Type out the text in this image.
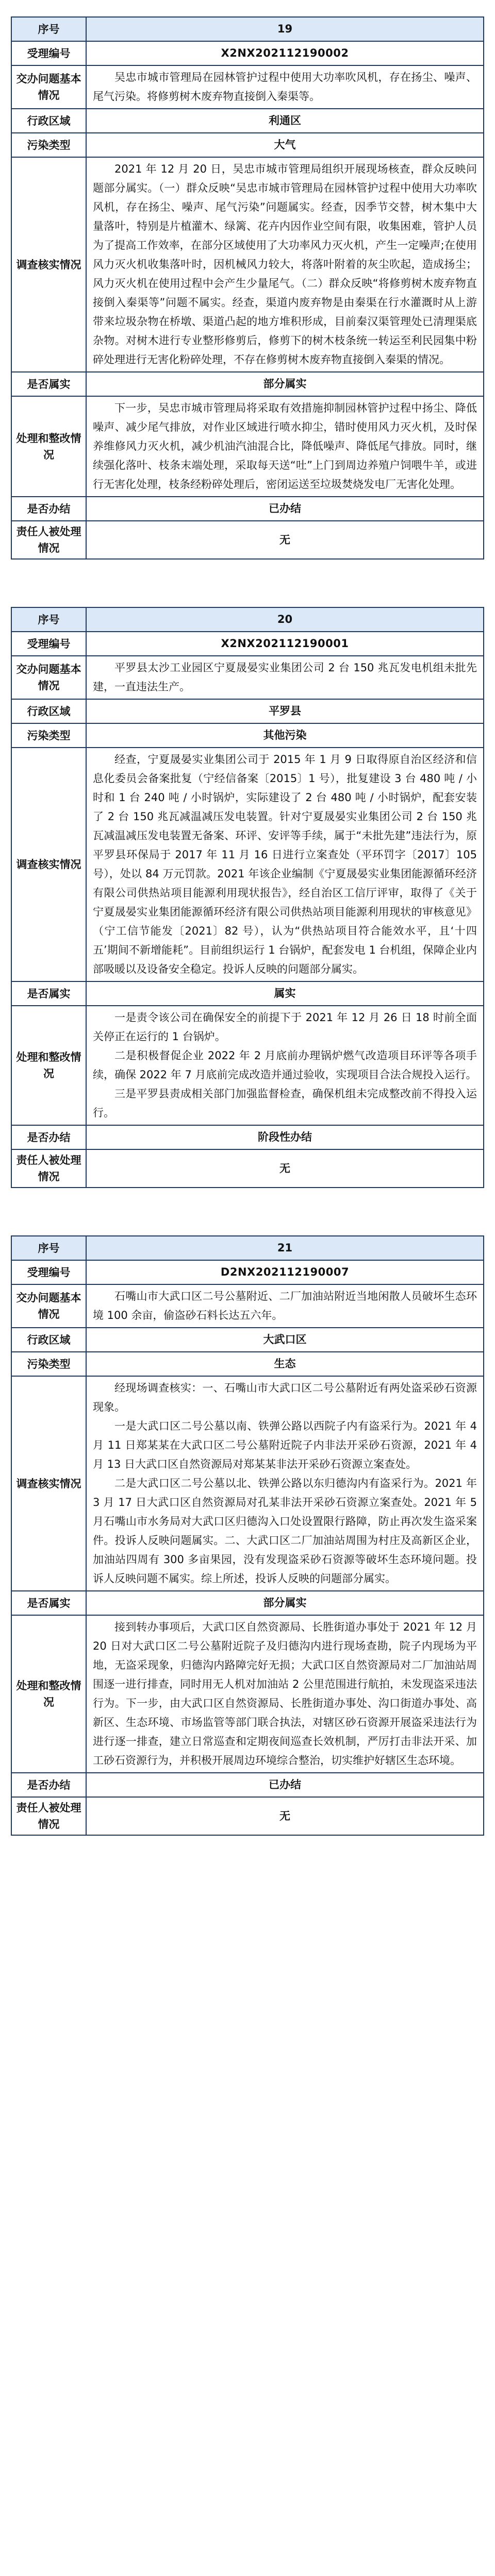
序号	19
受理编号	X2NX202112190002
交办问题基本情况	吴忠市城市管理局在园林管护过程中使用大功率吹风机，存在扬尘、噪声、尾气污染。将修剪树木废弃物直接倒入秦渠等。

行政区域	利通区
污染类型	大气
调查核实情况	2021 年 12 月 20 日，吴忠市城市管理局组织开展现场核查，群众反映问题部分属实。（一）群众反映“吴忠市城市管理局在园林管护过程中使用大功率吹风机，存在扬尘、噪声、尾气污染”问题属实。经查，因季节交替，树木集中大量落叶，特别是片植灌木、绿篱、花卉内因作业空间有限，收集困难，管护人员为了提高工作效率，在部分区域使用了大功率风力灭火机，产生一定噪声;在使用风力灭火机收集落叶时，因机械风力较大，将落叶附着的灰尘吹起，造成扬尘；风力灭火机在使用过程中会产生少量尾气。（二）群众反映“将修剪树木废弃物直接倒入秦渠等”问题不属实。经查，渠道内废弃物是由秦渠在行水灌溉时从上游带来垃圾杂物在桥墩、渠道凸起的地方堆积形成，目前秦汉渠管理处已清理渠底杂物。对树木进行专业整形修剪后，修剪下的树木枝条统一转运至利民园集中粉碎处理进行无害化粉碎处理，不存在修剪树木废弃物直接倒入秦渠的情况。

是否属实	部分属实
处理和整改情况	下一步，吴忠市城市管理局将采取有效措施抑制园林管护过程中扬尘、降低噪声、减少尾气排放，对作业区域进行喷水抑尘，错时使用风力灭火机，及时保养维修风力灭火机，减少机油汽油混合比，降低噪声、降低尾气排放。同时，继续强化落叶、枝条末端处理，采取每天送“吐”上门到周边养殖户饲喂牛羊，或进行无害化处理，枝条经粉碎处理后，密闭运送至垃圾焚烧发电厂无害化处理。

是否办结	已办结
责任人被处理情况	无
序号	20
受理编号	X2NX202112190001
交办问题基本情况	平罗县太沙工业园区宁夏晟晏实业集团公司 2 台 150 兆瓦发电机组未批先建，一直违法生产。

行政区域	平罗县
污染类型	其他污染
调查核实情况	经查，宁夏晟晏实业集团公司于 2015 年 1 月 9 日取得原自治区经济和信息化委员会备案批复（宁经信备案〔2015〕1 号），批复建设 3 台 480 吨 / 小时和 1 台 240 吨 / 小时锅炉，实际建设了 2 台 480 吨 / 小时锅炉，配套安装了 2 台 150 兆瓦减温减压发电装置。针对宁夏晟晏实业集团公司 2 台 150 兆瓦减温减压发电装置无备案、环评、安评等手续，属于“未批先建”违法行为，原平罗县环保局于 2017 年 11 月 16 日进行立案查处（平环罚字〔2017〕105 号），处以 84 万元罚款。2021 年该企业编制《宁夏晟晏实业集团能源循环经济有限公司供热站项目能源利用现状报告》，经自治区工信厅评审，取得了《关于宁夏晟晏实业集团能源循环经济有限公司供热站项目能源利用现状的审核意见》（宁工信节能发〔2021〕82 号），认为“供热站项目符合能效水平，且‘十四五’期间不新增能耗”。目前组织运行 1 台锅炉，配套发电 1 台机组，保障企业内部吸暖以及设备安全稳定。投诉人反映的问题部分属实。

是否属实	属实
处理和整改情况	一是责令该公司在确保安全的前提下于 2021 年 12 月 26 日 18 时前全面关停正在运行的 1 台锅炉。

二是积极督促企业 2022 年 2 月底前办理锅炉燃气改造项目环评等各项手续，确保 2022 年 7 月底前完成改造并通过验收，实现项目合法合规投入运行。

三是平罗县责成相关部门加强监督检查，确保机组未完成整改前不得投入运行。

是否办结	阶段性办结
责任人被处理情况	无
序号	21
受理编号	D2NX202112190007
交办问题基本情况	石嘴山市大武口区二号公墓附近、二厂加油站附近当地闲散人员破坏生态环境 100 余亩，偷盗砂石料长达五六年。

行政区域	大武口区
污染类型	生态
调查核实情况	经现场调查核实：一、石嘴山市大武口区二号公墓附近有两处盗采砂石资源现象。

一是大武口区二号公墓以南、铁弹公路以西院子内有盗采行为。2021 年 4 月 11 日郑某某在大武口区二号公墓附近院子内非法开采砂石资源，2021 年 4 月 13 日大武口区自然资源局对郑某某非法开采砂石资源立案查处。

二是大武口区二号公墓以北、铁弹公路以东归德沟内有盗采行为。2021 年 3 月 17 日大武口区自然资源局对孔某非法开采砂石资源立案查处。2021 年 5 月石嘴山市水务局对大武口区归德沟入口处设置限行路障，防止再次发生盗采案件。投诉人反映问题属实。二、大武口区二厂加油站周围为村庄及高新区企业，加油站四周有 300 多亩果园，没有发现盗采砂石资源等破坏生态环境问题。投诉人反映问题不属实。综上所述，投诉人反映的问题部分属实。

是否属实	部分属实
处理和整改情况	接到转办事项后，大武口区自然资源局、长胜街道办事处于 2021 年 12 月 20 日对大武口区二号公墓附近院子及归德沟内进行现场查勘，院子内现场为平地，无盗采现象，归德沟内路障完好无损；大武口区自然资源局对二厂加油站周围逐一进行排查，同时用无人机对加油站 2 公里范围进行航拍，未发现盗采违法行为。下一步，由大武口区自然资源局、长胜街道办事处、沟口街道办事处、高新区、生态环境、市场监管等部门联合执法，对辖区砂石资源开展盗采违法行为进行逐一排查，建立日常巡查和定期夜间巡查长效机制，严厉打击非法开采、加工砂石资源行为，并积极开展周边环境综合整治，切实维护好辖区生态环境。

是否办结	已办结
责任人被处理情况	无
